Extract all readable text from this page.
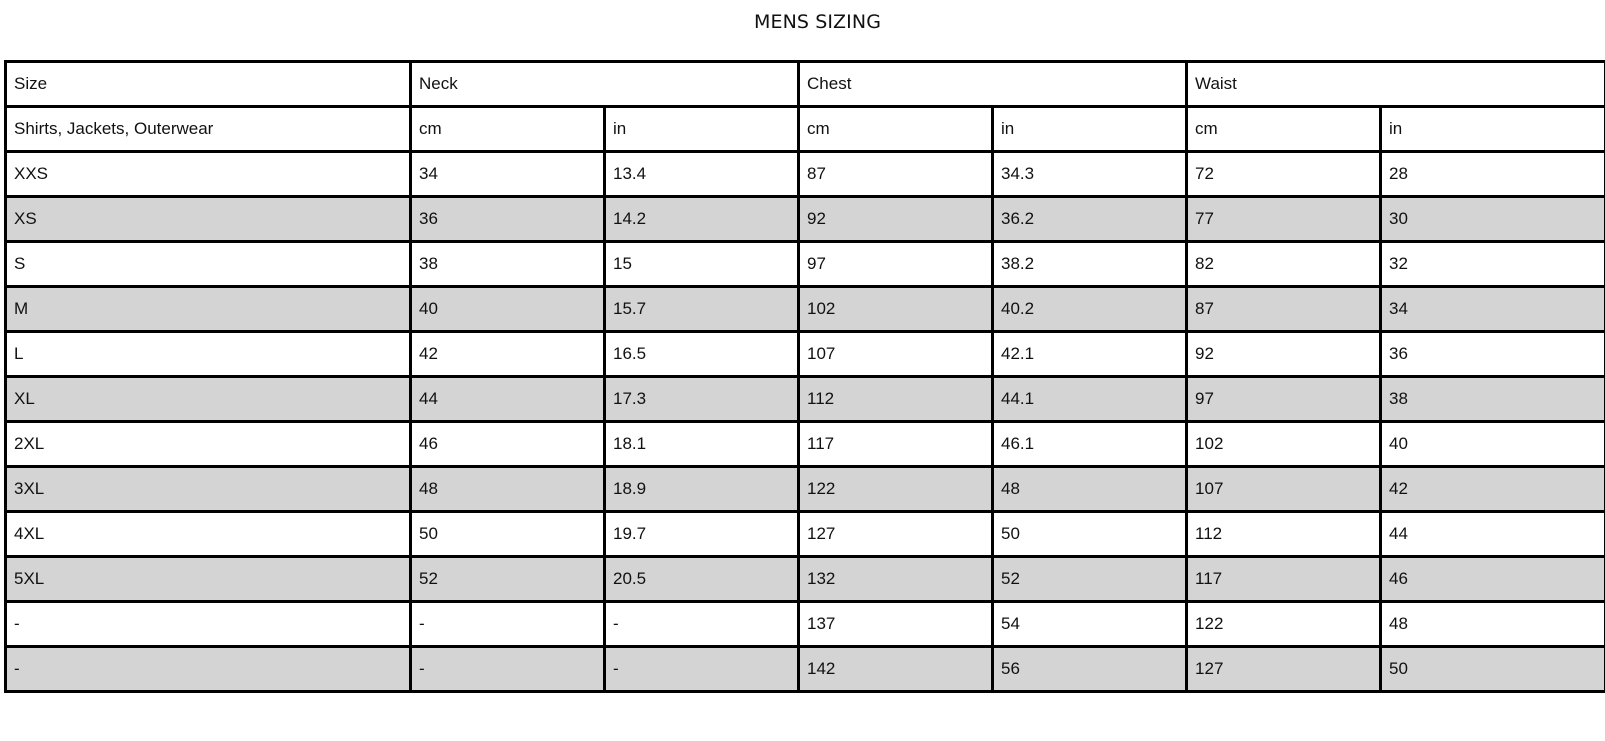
MENS SIZING
Size	Neck		Chest		Waist	
Shirts, Jackets, Outerwear	cm	in	cm	in	cm	in
XXS	34	13.4	87	34.3	72	28
XS	36	14.2	92	36.2	77	30
S	38	15	97	38.2	82	32
M	40	15.7	102	40.2	87	34
L	42	16.5	107	42.1	92	36
XL	44	17.3	112	44.1	97	38
2XL	46	18.1	117	46.1	102	40
3XL	48	18.9	122	48	107	42
4XL	50	19.7	127	50	112	44
5XL	52	20.5	132	52	117	46
-	-	-	137	54	122	48
-	-	-	142	56	127	50
